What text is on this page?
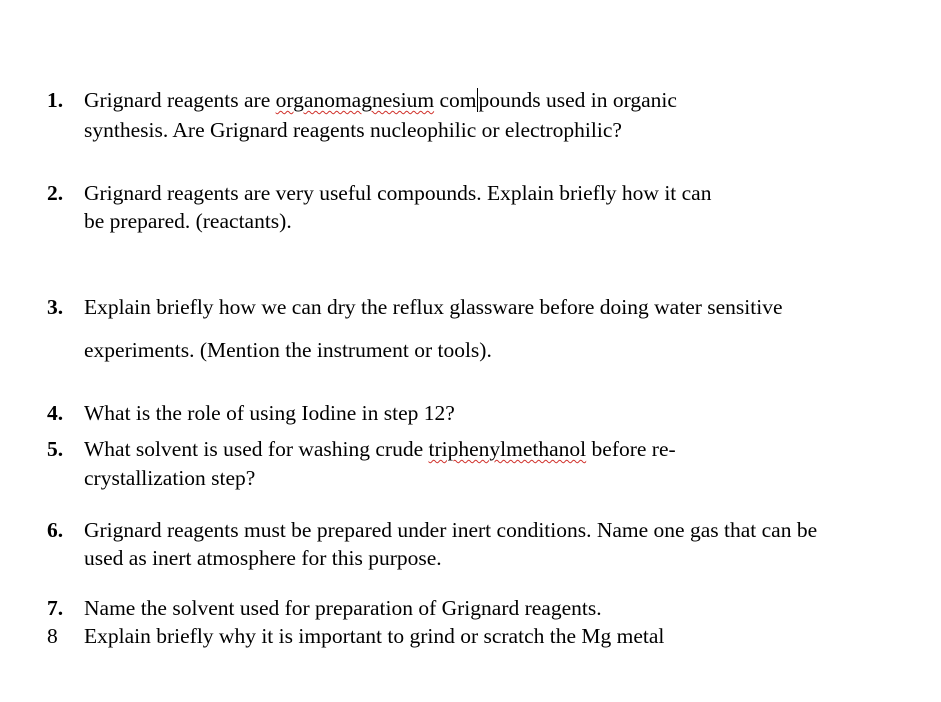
1. Grignard reagents are organomagnesium compounds used in organic
synthesis. Are Grignard reagents nucleophilic or electrophilic?
2. Grignard reagents are very useful compounds. Explain briefly how it can
be prepared. (reactants).
3. Explain briefly how we can dry the reflux glassware before doing water sensitive
experiments. (Mention the instrument or tools).
4. What is the role of using Iodine in step 12?
5. What solvent is used for washing crude triphenylmethanol before re-
crystallization step?
6. Grignard reagents must be prepared under inert conditions. Name one gas that can be
used as inert atmosphere for this purpose.
7. Name the solvent used for preparation of Grignard reagents.
8 Explain briefly why it is important to grind or scratch the Mg metal
